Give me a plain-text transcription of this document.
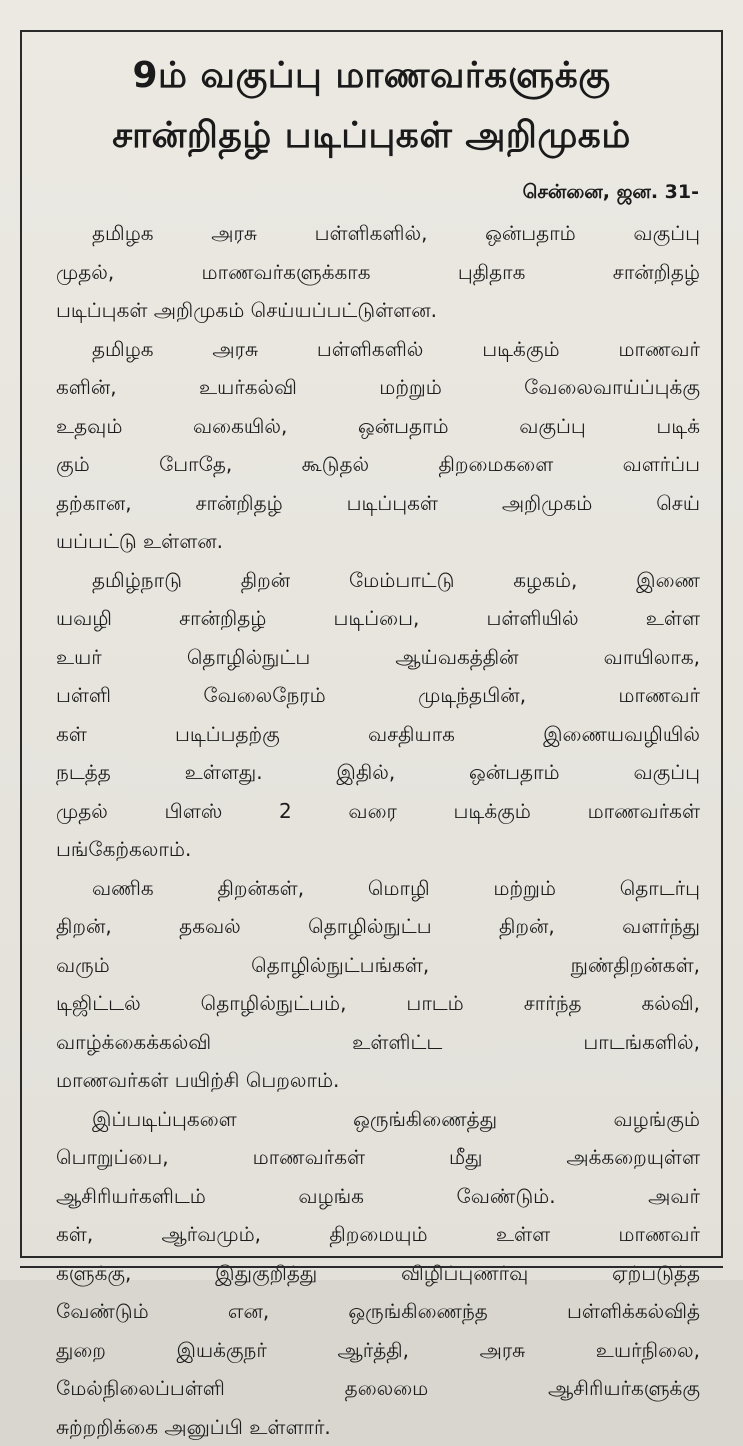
9ம் வகுப்பு மாணவர்களுக்கு
சான்றிதழ் படிப்புகள் அறிமுகம்
சென்னை, ஜன. 31-
தமிழக அரசு பள்ளிகளில், ஒன்பதாம் வகுப்பு
முதல், மாணவர்களுக்காக புதிதாக சான்றிதழ்
படிப்புகள் அறிமுகம் செய்யப்பட்டுள்ளன.
தமிழக அரசு பள்ளிகளில் படிக்கும் மாணவர்
களின், உயர்கல்வி மற்றும் வேலைவாய்ப்புக்கு
உதவும் வகையில், ஒன்பதாம் வகுப்பு படிக்
கும் போதே, கூடுதல் திறமைகளை வளர்ப்ப
தற்கான, சான்றிதழ் படிப்புகள் அறிமுகம் செய்
யப்பட்டு உள்ளன.
தமிழ்நாடு திறன் மேம்பாட்டு கழகம், இணை
யவழி சான்றிதழ் படிப்பை, பள்ளியில் உள்ள
உயர் தொழில்நுட்ப ஆய்வகத்தின் வாயிலாக,
பள்ளி வேலைநேரம் முடிந்தபின், மாணவர்
கள் படிப்பதற்கு வசதியாக இணையவழியில்
நடத்த உள்ளது. இதில், ஒன்பதாம் வகுப்பு
முதல் பிளஸ் 2 வரை படிக்கும் மாணவர்கள்
பங்கேற்கலாம்.
வணிக திறன்கள், மொழி மற்றும் தொடர்பு
திறன், தகவல் தொழில்நுட்ப திறன், வளர்ந்து
வரும் தொழில்நுட்பங்கள், நுண்திறன்கள்,
டிஜிட்டல் தொழில்நுட்பம், பாடம் சார்ந்த கல்வி,
வாழ்க்கைக்கல்வி உள்ளிட்ட பாடங்களில்,
மாணவர்கள் பயிற்சி பெறலாம்.
இப்படிப்புகளை ஒருங்கிணைத்து வழங்கும்
பொறுப்பை, மாணவர்கள் மீது அக்கறையுள்ள
ஆசிரியர்களிடம் வழங்க வேண்டும். அவர்
கள், ஆர்வமும், திறமையும் உள்ள மாணவர்
களுக்கு, இதுகுறித்து விழிப்புணர்வு ஏற்படுத்த
வேண்டும் என, ஒருங்கிணைந்த பள்ளிக்கல்வித்
துறை இயக்குநர் ஆர்த்தி, அரசு உயர்நிலை,
மேல்நிலைப்பள்ளி தலைமை ஆசிரியர்களுக்கு
சுற்றறிக்கை அனுப்பி உள்ளார்.
